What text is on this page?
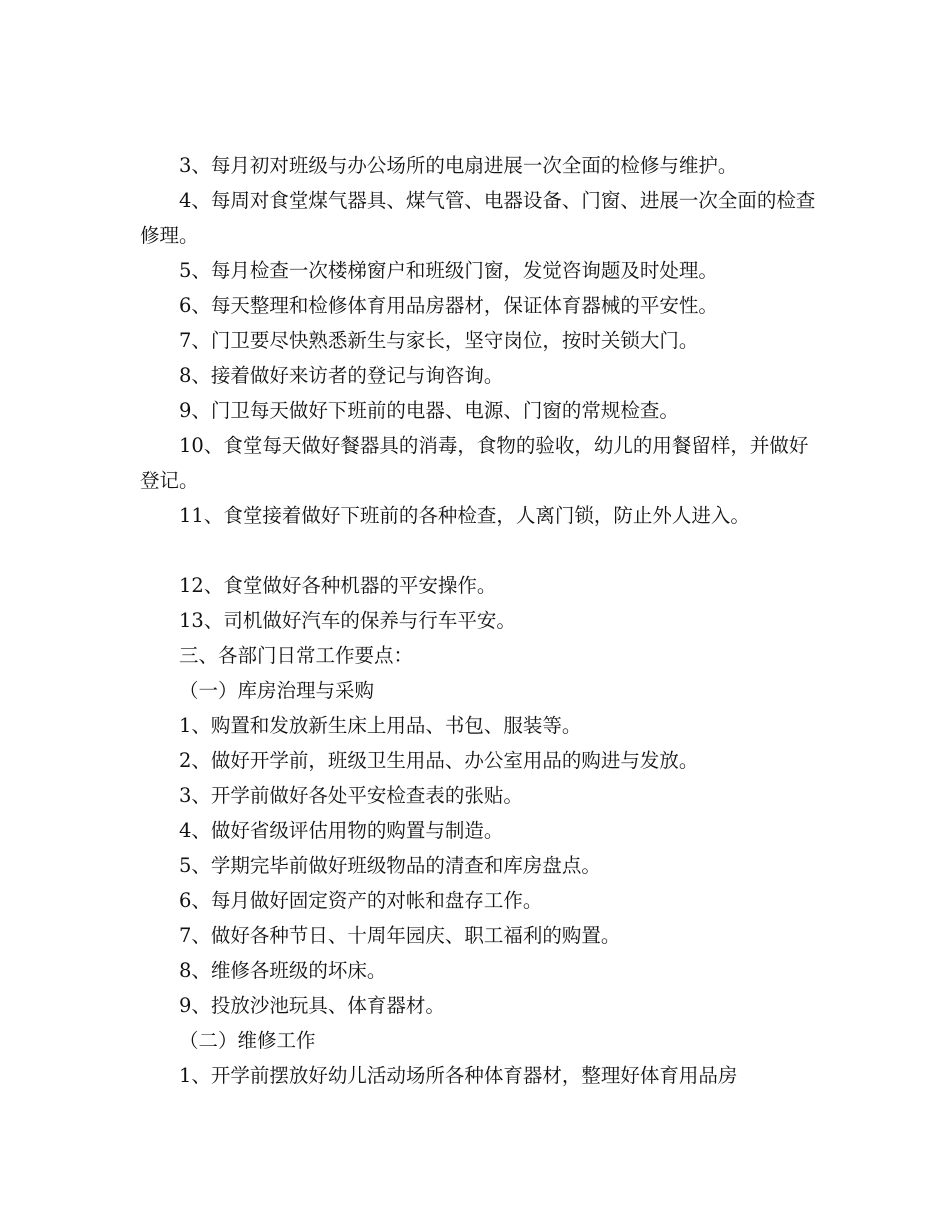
3、每月初对班级与办公场所的电扇进展一次全面的检修与维护。

4、每周对食堂煤气器具、煤气管、电器设备、门窗、进展一次全面的检查修理。

5、每月检查一次楼梯窗户和班级门窗，发觉咨询题及时处理。

6、每天整理和检修体育用品房器材，保证体育器械的平安性。

7、门卫要尽快熟悉新生与家长，坚守岗位，按时关锁大门。

8、接着做好来访者的登记与询咨询。

9、门卫每天做好下班前的电器、电源、门窗的常规检查。

10、食堂每天做好餐器具的消毒，食物的验收，幼儿的用餐留样，并做好登记。

11、食堂接着做好下班前的各种检查，人离门锁，防止外人进入。

12、食堂做好各种机器的平安操作。

13、司机做好汽车的保养与行车平安。

三、各部门日常工作要点：

（一）库房治理与采购

1、购置和发放新生床上用品、书包、服装等。

2、做好开学前，班级卫生用品、办公室用品的购进与发放。

3、开学前做好各处平安检查表的张贴。

4、做好省级评估用物的购置与制造。

5、学期完毕前做好班级物品的清查和库房盘点。

6、每月做好固定资产的对帐和盘存工作。

7、做好各种节日、十周年园庆、职工福利的购置。

8、维修各班级的坏床。

9、投放沙池玩具、体育器材。

（二）维修工作

1、开学前摆放好幼儿活动场所各种体育器材，整理好体育用品房
